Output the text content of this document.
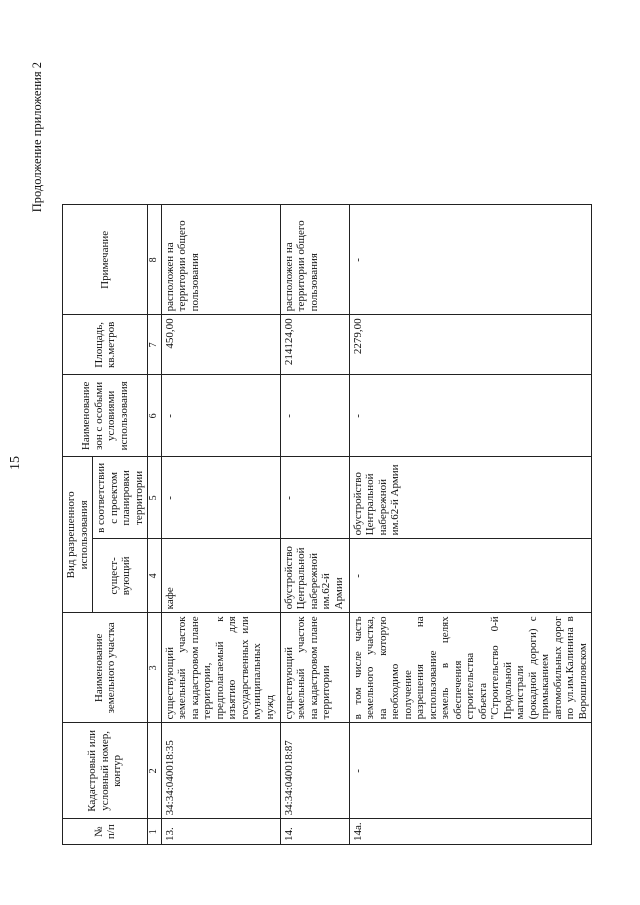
15
Продолжение приложения 2
№ п/п	Кадастровый или условный номер, контур	Наименование земельного участка	Вид разрешенного использования		Наименование зон с особыми условиями использования	Площадь, кв.метров	Примечание
			сущест-вующий	в соответствии с проектом планировки территории			
1	2	3	4	5	6	7	8
13.	34:34:040018:35	существующий земельный участок на кадастровом плане территории, предполагаемый к изъятию для государственных или муниципальных нужд	кафе	-	-	450,00	расположен на территории общего пользования
14.	34:34:040018:87	существующий земельный участок на кадастровом плане территории	обустройство Центральной набережной им.62-й Армии	-	-	214124,00	расположен на территории общего пользования
14а.	-	в том числе часть земельного участка, на которую необходимо получение разрешения на использование земель в целях обеспечения строительства объекта "Строительство 0-й Продольной магистрали (рокадной дороги) с примыканием автомобильных дорог по ул.им.Калинина в Ворошиловском	-	обустройство Центральной набережной им.62-й Армии	-	2279,00	-
